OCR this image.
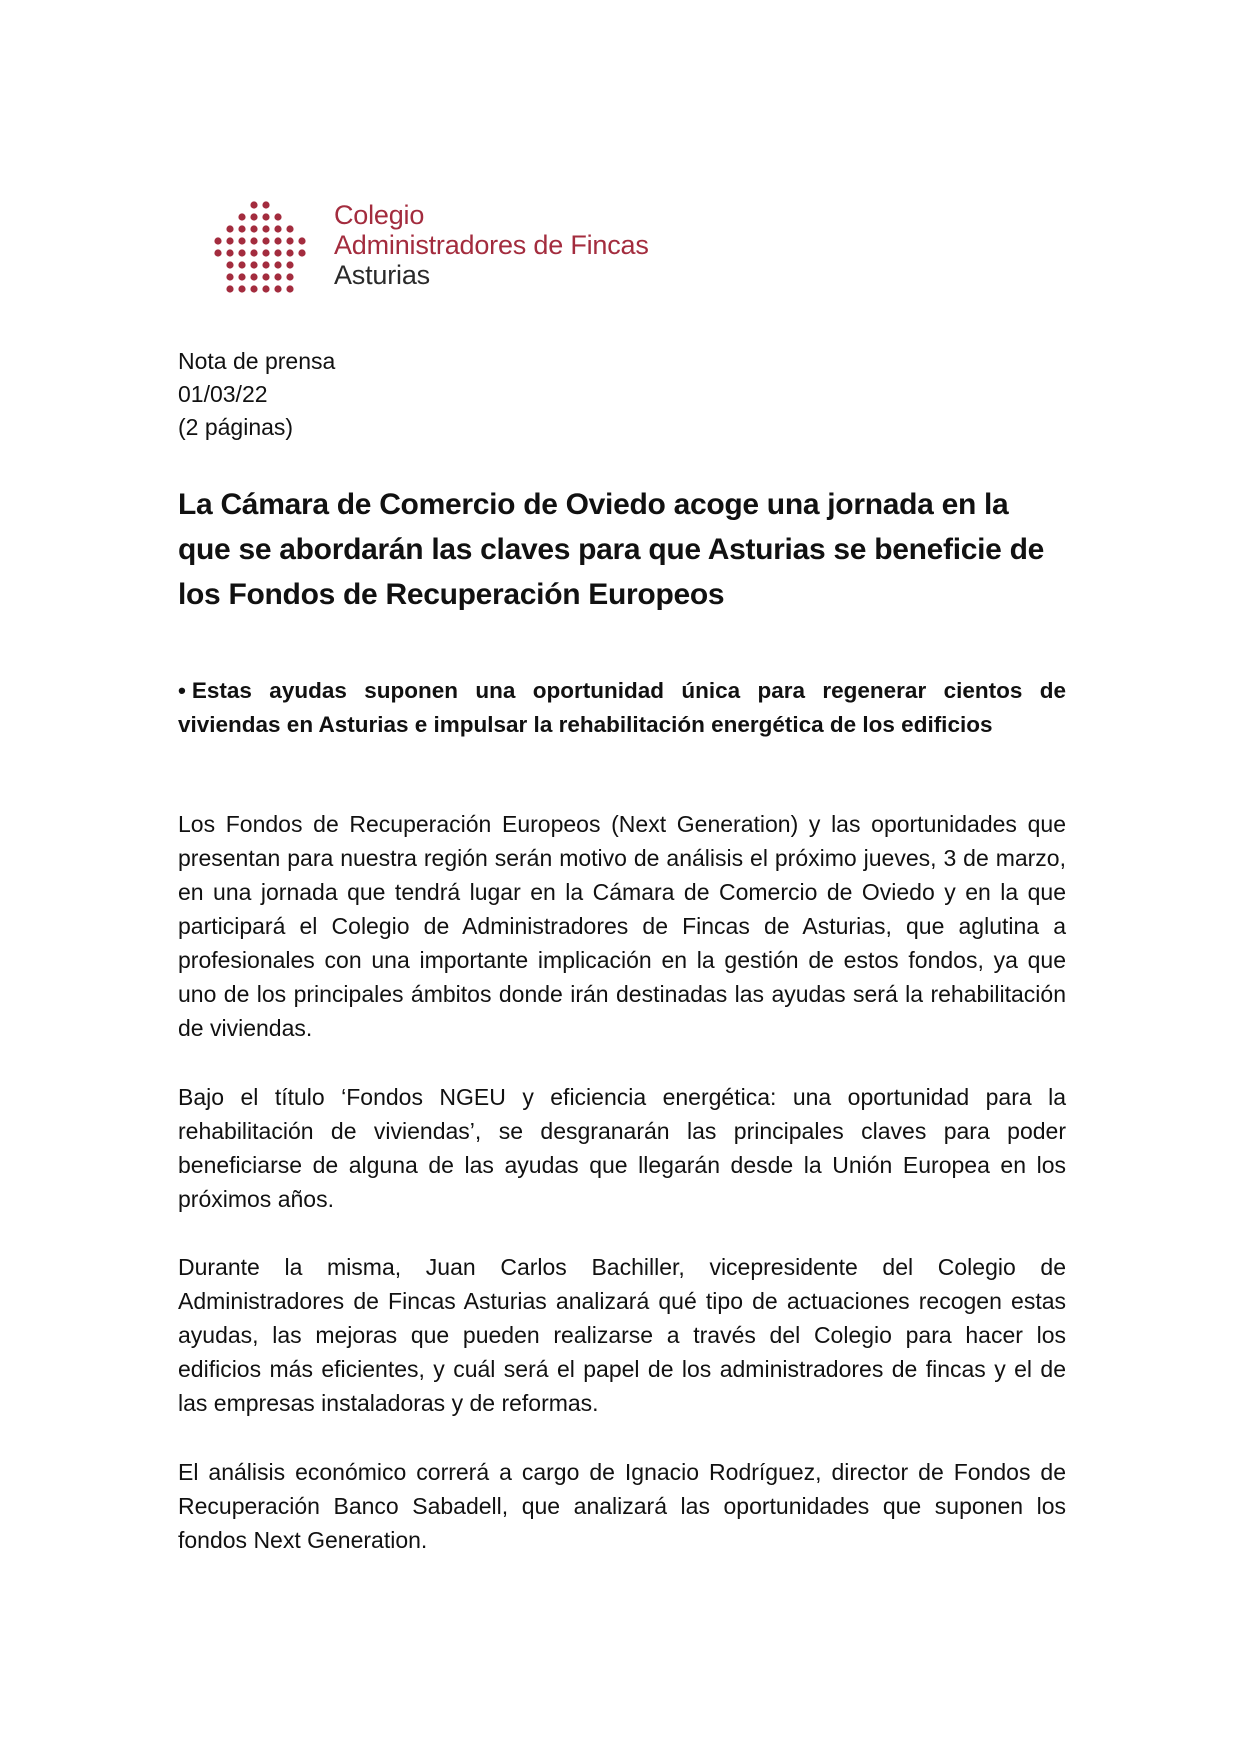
Colegio
Administradores de Fincas
Asturias
Nota de prensa
01/03/22
(2 páginas)
La Cámara de Comercio de Oviedo acoge una jornada en la que se abordarán las claves para que Asturias se beneficie de los Fondos de Recuperación Europeos

• Estas ayudas suponen una oportunidad única para regenerar cientos de viviendas en Asturias e impulsar la rehabilitación energética de los edificios

Los Fondos de Recuperación Europeos (Next Generation) y las oportunidades que presentan para nuestra región serán motivo de análisis el próximo jueves, 3 de marzo, en una jornada que tendrá lugar en la Cámara de Comercio de Oviedo y en la que participará el Colegio de Administradores de Fincas de Asturias, que aglutina a profesionales con una importante implicación en la gestión de estos fondos, ya que uno de los principales ámbitos donde irán destinadas las ayudas será la rehabilitación de viviendas.

Bajo el título ‘Fondos NGEU y eficiencia energética: una oportunidad para la rehabilitación de viviendas’, se desgranarán las principales claves para poder beneficiarse de alguna de las ayudas que llegarán desde la Unión Europea en los próximos años.

Durante la misma, Juan Carlos Bachiller, vicepresidente del Colegio de Administradores de Fincas Asturias analizará qué tipo de actuaciones recogen estas ayudas, las mejoras que pueden realizarse a través del Colegio para hacer los edificios más eficientes, y cuál será el papel de los administradores de fincas y el de las empresas instaladoras y de reformas.

El análisis económico correrá a cargo de Ignacio Rodríguez, director de Fondos de Recuperación Banco Sabadell, que analizará las oportunidades que suponen los fondos Next Generation.
